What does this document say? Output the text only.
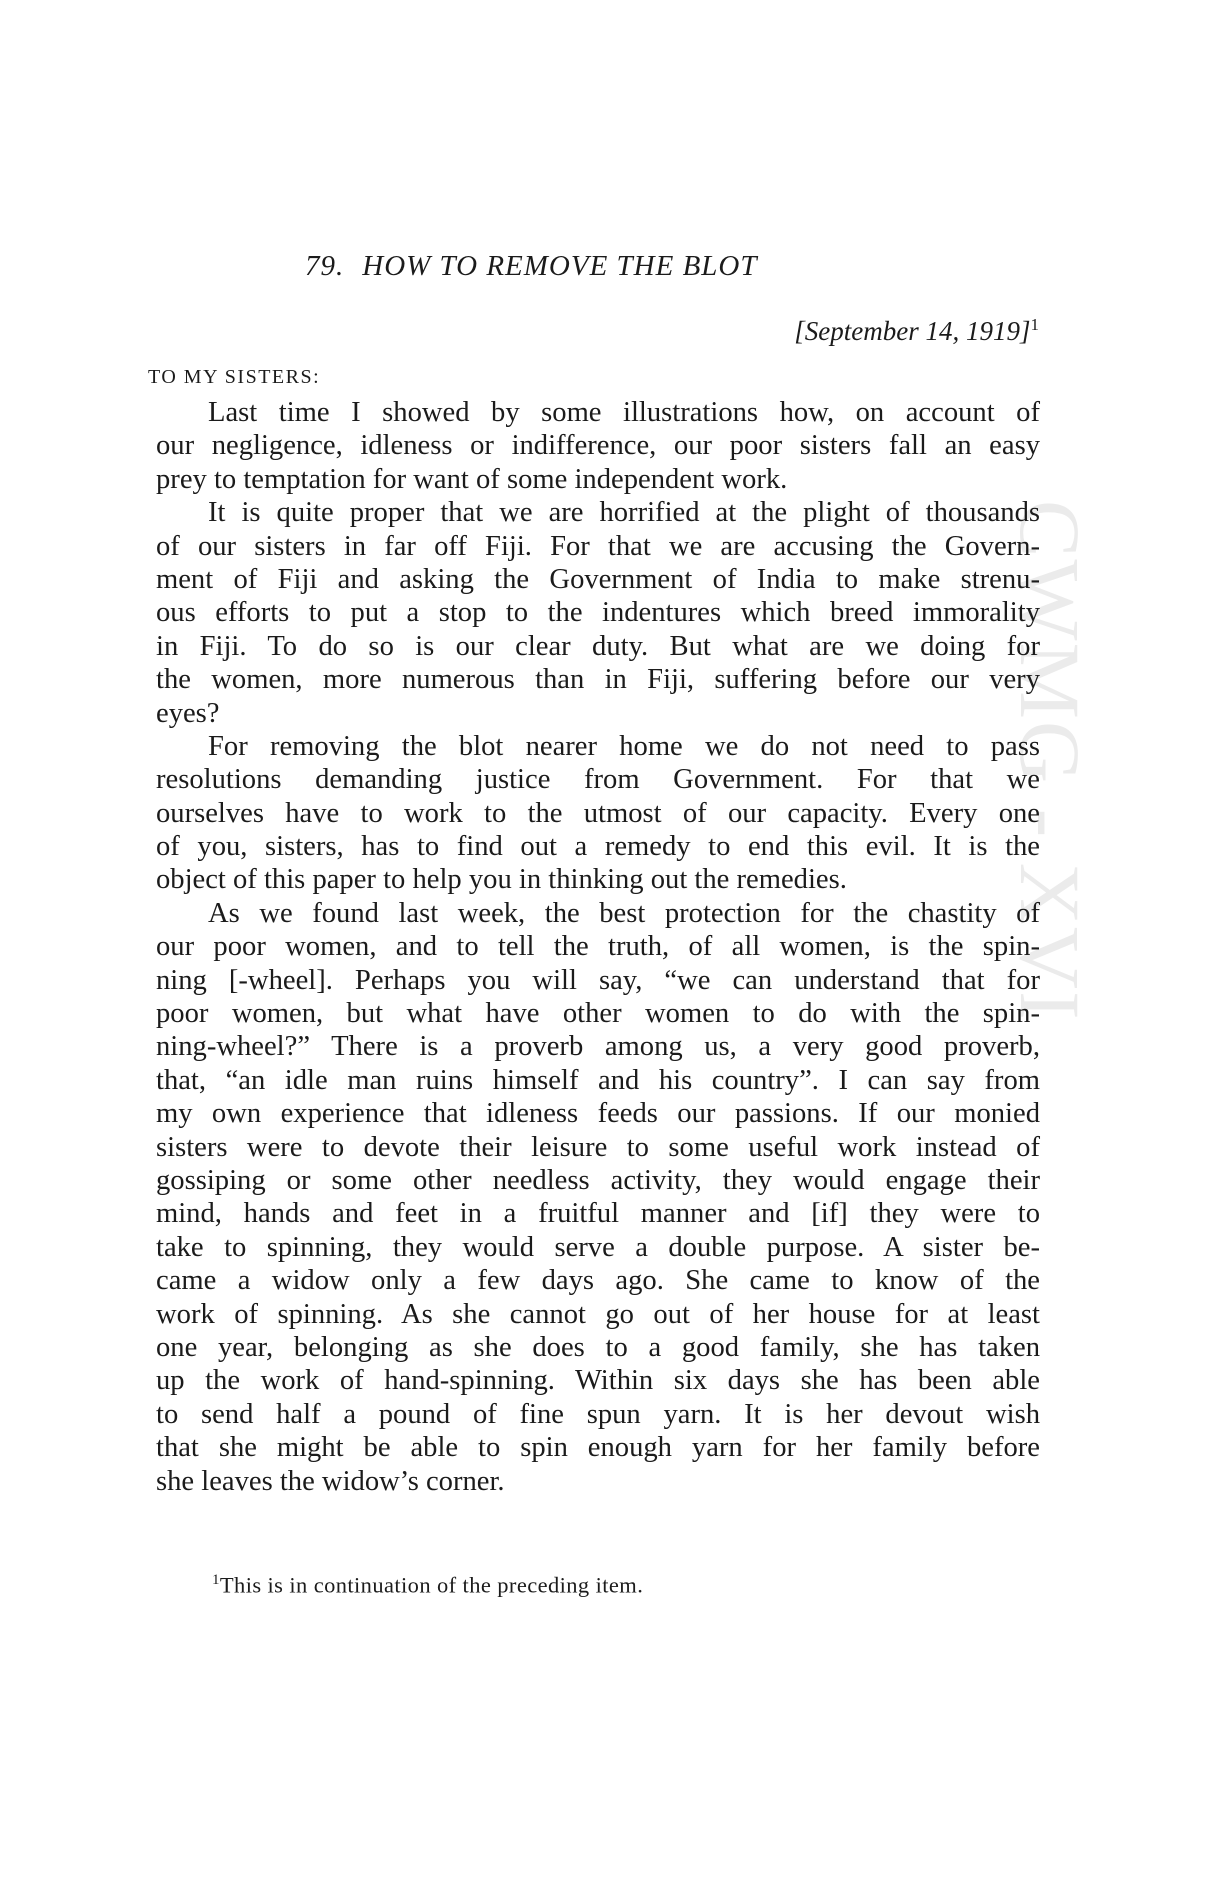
CWMG - XVI
79. HOW TO REMOVE THE BLOT
[September 14, 1919]$^1$
TO MY SISTERS:
Last time I showed by some illustrations how, on account of
our negligence, idleness or indifference, our poor sisters fall an easy
prey to temptation for want of some independent work.
It is quite proper that we are horrified at the plight of thousands
of our sisters in far off Fiji. For that we are accusing the Govern-
ment of Fiji and asking the Government of India to make strenu-
ous efforts to put a stop to the indentures which breed immorality
in Fiji. To do so is our clear duty. But what are we doing for
the women, more numerous than in Fiji, suffering before our very
eyes?
For removing the blot nearer home we do not need to pass
resolutions demanding justice from Government. For that we
ourselves have to work to the utmost of our capacity. Every one
of you, sisters, has to find out a remedy to end this evil. It is the
object of this paper to help you in thinking out the remedies.
As we found last week, the best protection for the chastity of
our poor women, and to tell the truth, of all women, is the spin-
ning [-wheel]. Perhaps you will say, “we can understand that for
poor women, but what have other women to do with the spin-
ning-wheel?” There is a proverb among us, a very good proverb,
that, “an idle man ruins himself and his country”. I can say from
my own experience that idleness feeds our passions. If our monied
sisters were to devote their leisure to some useful work instead of
gossiping or some other needless activity, they would engage their
mind, hands and feet in a fruitful manner and [if] they were to
take to spinning, they would serve a double purpose. A sister be-
came a widow only a few days ago. She came to know of the
work of spinning. As she cannot go out of her house for at least
one year, belonging as she does to a good family, she has taken
up the work of hand-spinning. Within six days she has been able
to send half a pound of fine spun yarn. It is her devout wish
that she might be able to spin enough yarn for her family before
she leaves the widow’s corner.
$^1$This is in continuation of the preceding item.
